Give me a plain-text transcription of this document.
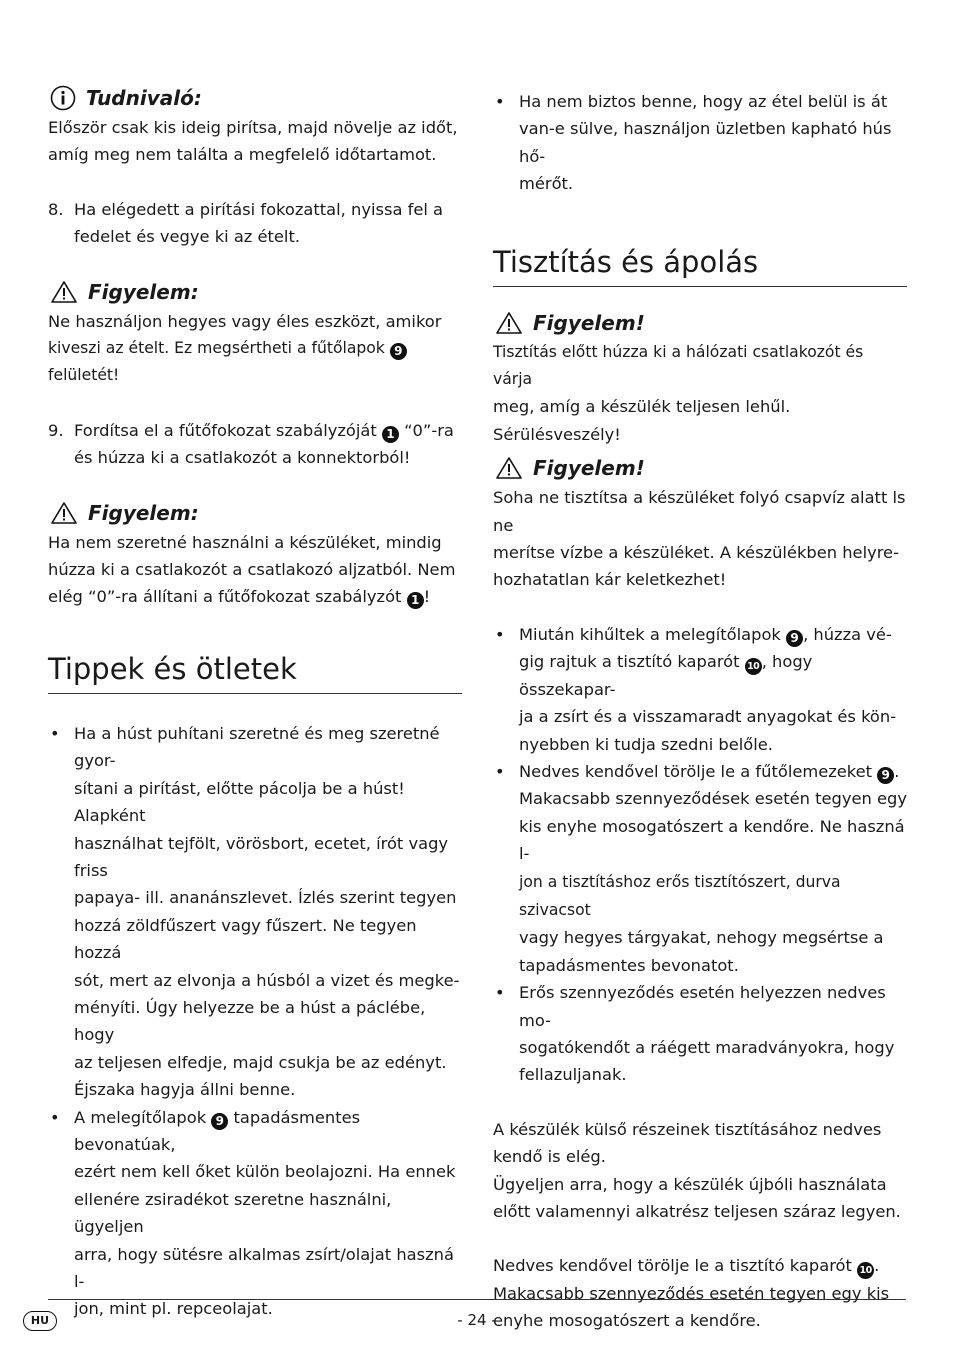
Tudnivaló:

Először csak kis ideig pirítsa, majd növelje az időt,

amíg meg nem találta a megfelelő időtartamot.

8. Ha elégedett a pirítási fokozattal, nyissa fel a
fedelet és vegye ki az ételt.
Figyelem:

Ne használjon hegyes vagy éles eszközt, amikor

kiveszi az ételt. Ez megsértheti a fűtőlapok 9 felületét!

9. Fordítsa el a fűtőfokozat szabályzóját 1 “0”-ra
és húzza ki a csatlakozót a konnektorból!
Figyelem:

Ha nem szeretné használni a készüléket, mindig

húzza ki a csatlakozót a csatlakozó aljzatból. Nem

elég “0”-ra állítani a fűtőfokozat szabályzót 1 !

Tippek és ötletek
• Ha a húst puhítani szeretné és meg szeretné gyor-
sítani a pirítást, előtte pácolja be a húst! Alapként
használhat tejfölt, vörösbort, ecetet, írót vagy friss
papaya- ill. ananánszlevet. Ízlés szerint tegyen
hozzá zöldfűszert vagy fűszert. Ne tegyen hozzá
sót, mert az elvonja a húsból a vizet és megke-
ményíti. Úgy helyezze be a húst a páclébe, hogy
az teljesen elfedje, majd csukja be az edényt.
Éjszaka hagyja állni benne.
• A melegítőlapok 9 tapadásmentes bevonatúak,
ezért nem kell őket külön beolajozni. Ha ennek
ellenére zsiradékot szeretne használni, ügyeljen
arra, hogy sütésre alkalmas zsírt/olajat haszná l-
jon, mint pl. repceolajat.
• Ha nem biztos benne, hogy az étel belül is át
van-e sülve, használjon üzletben kapható hús hő-
mérőt.
Tisztítás és ápolás
Figyelem!

Tisztítás előtt húzza ki a hálózati csatlakozót és várja

meg, amíg a készülék teljesen lehűl. Sérülésveszély!

Figyelem!

Soha ne tisztítsa a készüléket folyó csapvíz alatt ls ne

merítse vízbe a készüléket. A készülékben helyre-

hozhatatlan kár keletkezhet!

• Miután kihűltek a melegítőlapok 9 , húzza vé-
gig rajtuk a tisztító kaparót 10 , hogy összekapar-
ja a zsírt és a visszamaradt anyagokat és kön-
nyebben ki tudja szedni belőle.
• Nedves kendővel törölje le a fűtőlemezeket 9 .
Makacsabb szennyeződések esetén tegyen egy
kis enyhe mosogatószert a kendőre. Ne haszná l-
jon a tisztításhoz erős tisztítószert, durva szivacsot
vagy hegyes tárgyakat, nehogy megsértse a
tapadásmentes bevonatot.
• Erős szennyeződés esetén helyezzen nedves mo-
sogatókendőt a ráégett maradványokra, hogy
fellazuljanak.

A készülék külső részeinek tisztításához nedves

kendő is elég.

Ügyeljen arra, hogy a készülék újbóli használata

előtt valamennyi alkatrész teljesen száraz legyen.

Nedves kendővel törölje le a tisztító kaparót 10 .

Makacsabb szennyeződés esetén tegyen egy kis

enyhe mosogatószert a kendőre.

HU	- 24 -
